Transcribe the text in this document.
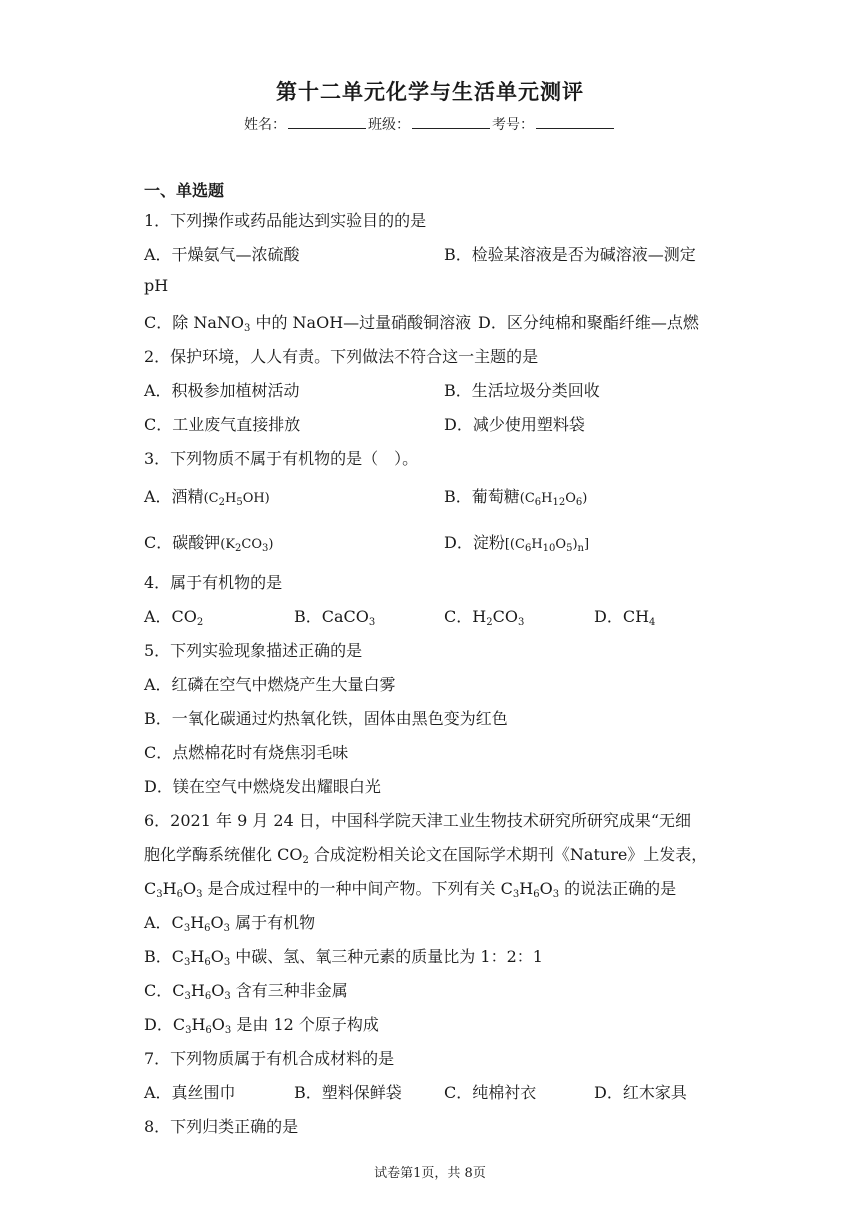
第十二单元化学与生活单元测评
姓名：	班级：	考号：
一、单选题
1．下列操作或药品能达到实验目的的是
A．干燥氨气—浓硫酸	B．检验某溶液是否为碱溶液—测定
pH
C．除 NaNO$_3$ 中的 NaOH—过量硝酸铜溶液 D．区分纯棉和聚酯纤维—点燃
2．保护环境，人人有责。下列做法不符合这一主题的是
A．积极参加植树活动	B．生活垃圾分类回收
C．工业废气直接排放	D．减少使用塑料袋
3．下列物质不属于有机物的是（　）。
A．酒精$(C_2H_5OH)$	B．葡萄糖$(C_6H_{12}O_6)$
C．碳酸钾$(K_2CO_3)$	D．淀粉$[(C_6H_{10}O_5)_n]$
4．属于有机物的是
A．$CO_2$	B．CaCO$_3$	C．$H_2CO_3$	D．$CH_4$
5．下列实验现象描述正确的是
A．红磷在空气中燃烧产生大量白雾
B．一氧化碳通过灼热氧化铁，固体由黑色变为红色
C．点燃棉花时有烧焦羽毛味
D．镁在空气中燃烧发出耀眼白光
6．2021 年 9 月 24 日，中国科学院天津工业生物技术研究所研究成果“无细
胞化学酶系统催化 $CO_2$ 合成淀粉相关论文在国际学术期刊《Nature》上发表，
$C_3H_6O_3$ 是合成过程中的一种中间产物。下列有关 $C_3H_6O_3$ 的说法正确的是
A．$C_3H_6O_3$ 属于有机物
B．$C_3H_6O_3$ 中碳、氢、氧三种元素的质量比为 1：2：1
C．$C_3H_6O_3$ 含有三种非金属
D．$C_3H_6O_3$ 是由 12 个原子构成
7．下列物质属于有机合成材料的是
A．真丝围巾	B．塑料保鲜袋	C．纯棉衬衣	D．红木家具
8．下列归类正确的是
试卷第1页，共 8页
